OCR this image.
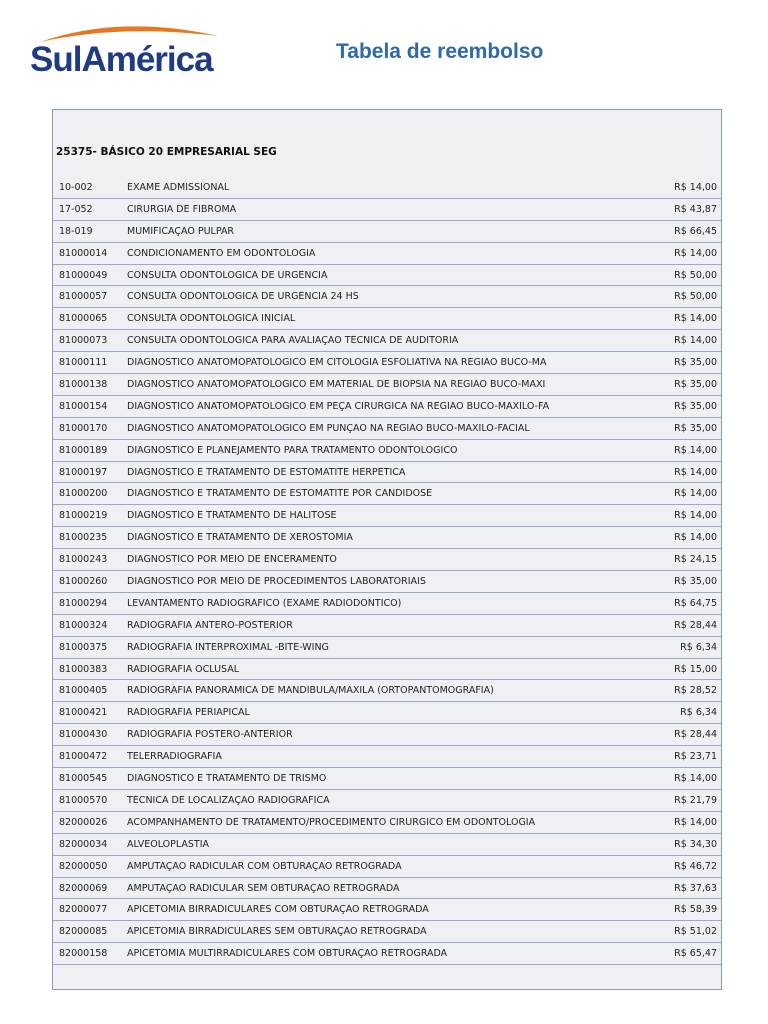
SulAmérica	Tabela de reembolso
25375- BÁSICO 20 EMPRESARIAL SEG
10-002	EXAME ADMISSIONAL	R$ 14,00
17-052	CIRURGIA DE FIBROMA	R$ 43,87
18-019	MUMIFICAÇÃO PULPAR	R$ 66,45
81000014 CONDICIONAMENTO EM ODONTOLOGIA	R$ 14,00
81000049 CONSULTA ODONTOLÓGICA DE URGÊNCIA	R$ 50,00
81000057 CONSULTA ODONTOLÓGICA DE URGÊNCIA 24 HS	R$ 50,00
81000065 CONSULTA ODONTOLÓGICA INICIAL	R$ 14,00
81000073 CONSULTA ODONTOLÓGICA PARA AVALIAÇÃO TÉCNICA DE AUDITORIA	R$ 14,00
81000111 DIAGNÓSTICO ANATOMOPATOLÓGICO EM CITOLOGIA ESFOLIATIVA NA REGIÃO BUCO-MA	R$ 35,00
81000138 DIAGNÓSTICO ANATOMOPATOLÓGICO EM MATERIAL DE BIÓPSIA NA REGIÃO BUCO-MAXI	R$ 35,00
81000154 DIAGNÓSTICO ANATOMOPATOLÓGICO EM PEÇA CIRÚRGICA NA REGIÃO BUCO-MAXILO-FA	R$ 35,00
81000170 DIAGNÓSTICO ANATOMOPATOLÓGICO EM PUNÇÃO NA REGIÃO BUCO-MAXILO-FACIAL	R$ 35,00
81000189 DIAGNÓSTICO E PLANEJAMENTO PARA TRATAMENTO ODONTOLÓGICO	R$ 14,00
81000197 DIAGNÓSTICO E TRATAMENTO DE ESTOMATITE HERPÉTICA	R$ 14,00
81000200 DIAGNÓSTICO E TRATAMENTO DE ESTOMATITE POR CANDIDOSE	R$ 14,00
81000219 DIAGNÓSTICO E TRATAMENTO DE HALITOSE	R$ 14,00
81000235 DIAGNÓSTICO E TRATAMENTO DE XEROSTOMIA	R$ 14,00
81000243 DIAGNÓSTICO POR MEIO DE ENCERAMENTO	R$ 24,15
81000260 DIAGNÓSTICO POR MEIO DE PROCEDIMENTOS LABORATORIAIS	R$ 35,00
81000294 LEVANTAMENTO RADIOGRÁFICO (EXAME RADIODÔNTICO)	R$ 64,75
81000324 RADIOGRAFIA ANTERO-POSTERIOR	R$ 28,44
81000375 RADIOGRAFIA INTERPROXIMAL -BITE-WING	R$ 6,34
81000383 RADIOGRAFIA OCLUSAL	R$ 15,00
81000405 RADIOGRAFIA PANORÂMICA DE MANDÍBULA/MAXILA (ORTOPANTOMOGRAFIA)	R$ 28,52
81000421 RADIOGRAFIA PERIAPICAL	R$ 6,34
81000430 RADIOGRAFIA POSTERO-ANTERIOR	R$ 28,44
81000472 TELERRADIOGRAFIA	R$ 23,71
81000545 DIAGNÓSTICO E TRATAMENTO DE TRISMO	R$ 14,00
81000570 TÉCNICA DE LOCALIZAÇÃO RADIOGRAFICA	R$ 21,79
82000026 ACOMPANHAMENTO DE TRATAMENTO/PROCEDIMENTO CIRÚRGICO EM ODONTOLOGIA	R$ 14,00
82000034 ALVEOLOPLASTIA	R$ 34,30
82000050 AMPUTAÇÃO RADICULAR COM OBTURAÇÃO RETRÓGRADA	R$ 46,72
82000069 AMPUTAÇÃO RADICULAR SEM OBTURAÇÃO RETRÓGRADA	R$ 37,63
82000077 APICETOMIA BIRRADICULARES COM OBTURAÇÃO RETRÓGRADA	R$ 58,39
82000085 APICETOMIA BIRRADICULARES SEM OBTURAÇÃO RETRÓGRADA	R$ 51,02
82000158 APICETOMIA MULTIRRADICULARES COM OBTURAÇÃO RETRÓGRADA	R$ 65,47
